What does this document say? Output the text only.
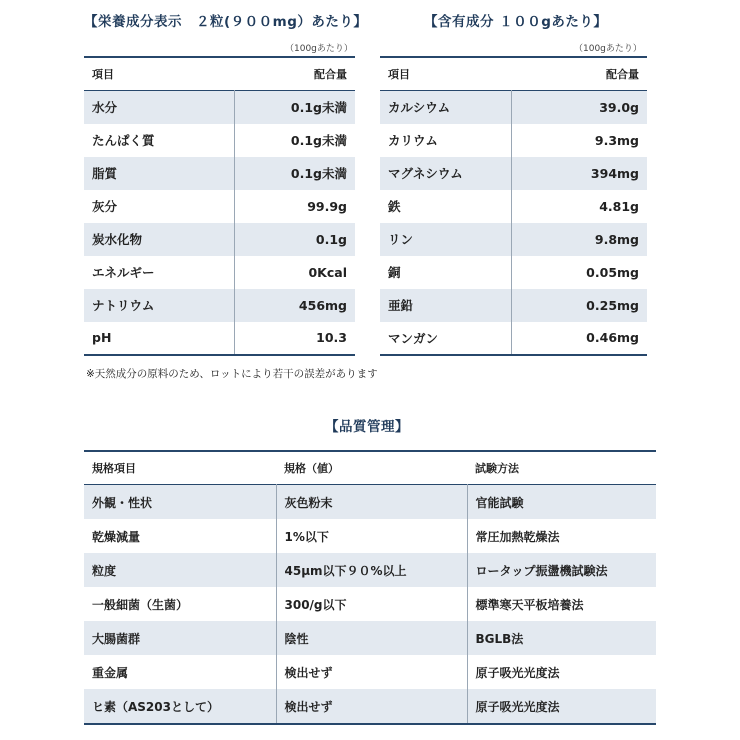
【栄養成分表示　２粒(９００mg）あたり】
（100gあたり）
項目	配合量
水分	0.1g未満
たんぱく質	0.1g未満
脂質	0.1g未満
灰分	99.9g
炭水化物	0.1g
エネルギー	0Kcal
ナトリウム	456mg
pH	10.3
【含有成分 １００gあたり】
（100gあたり）
項目	配合量
カルシウム	39.0g
カリウム	9.3mg
マグネシウム	394mg
鉄	4.81g
リン	9.8mg
銅	0.05mg
亜鉛	0.25mg
マンガン	0.46mg
※天然成分の原料のため、ロットにより若干の誤差があります
【品質管理】
規格項目	規格（値）	試験方法
外観・性状	灰色粉末	官能試験
乾燥減量	1%以下	常圧加熱乾燥法
粒度	45μm以下９０%以上	ロータップ振盪機試験法
一般細菌（生菌）	300/g以下	標準寒天平板培養法
大腸菌群	陰性	BGLB法
重金属	検出せず	原子吸光光度法
ヒ素（AS203として）	検出せず	原子吸光光度法
